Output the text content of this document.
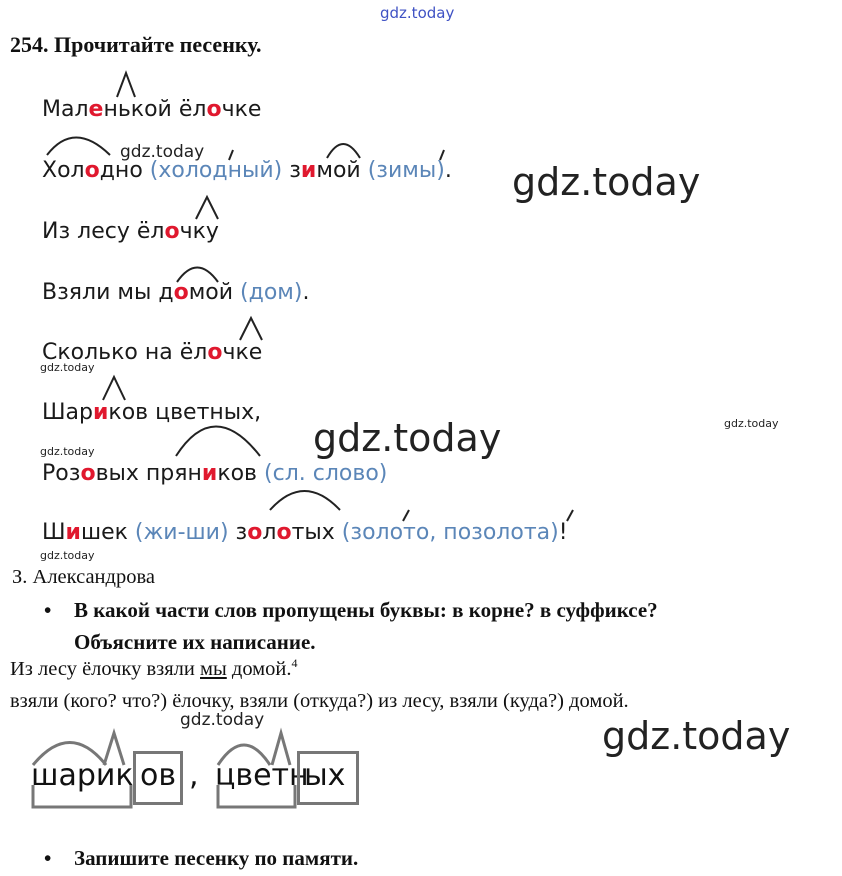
gdz.today
gdz.today
gdz.today
gdz.today
gdz.today	gdz.today
gdz.today
gdz.today
gdz.today	gdz.today
254. Прочитайте песенку.
Маленькой ёлочке
Холодно (холодный) зимой (зимы).
Из лесу ёлочку
Взяли мы домой (дом).
Сколько на ёлочке
Шариков цветных,
Розовых пряников (сл. слово)
Шишек (жи-ши) золотых (золото, позолота)!
З. Александрова
• В какой части слов пропущены буквы: в корне? в суффиксе?
Объясните их написание.
Из лесу ёлочку взяли мы домой.$^4$
взяли (кого? что?) ёлочку, взяли (откуда?) из лесу, взяли (куда?) домой.
шарик ов , цветн
ых
• Запишите песенку по памяти.
